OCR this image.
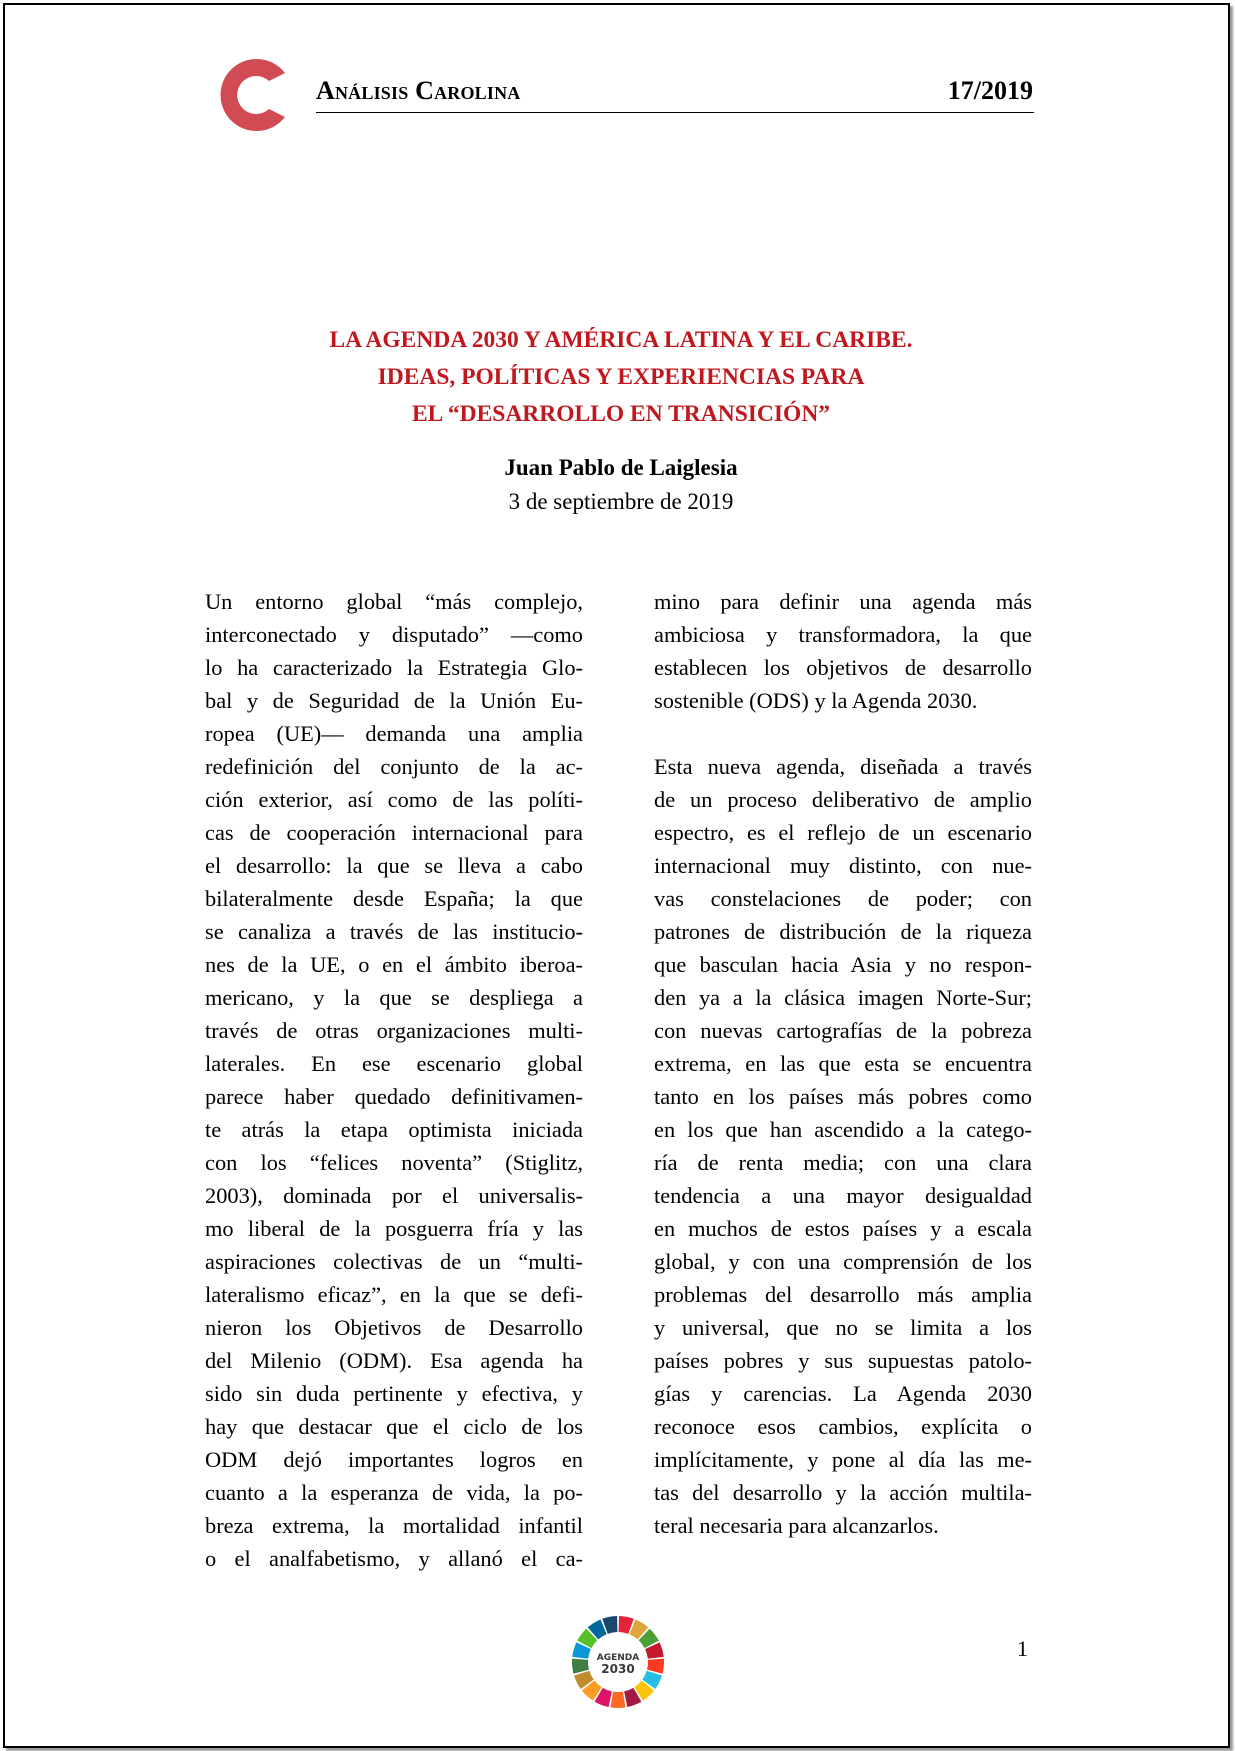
Análisis Carolina	17/2019
LA AGENDA 2030 Y AMÉRICA LATINA Y EL CARIBE.
IDEAS, POLÍTICAS Y EXPERIENCIAS PARA
EL “DESARROLLO EN TRANSICIÓN”
Juan Pablo de Laiglesia
3 de septiembre de 2019
Un entorno global “más complejo,
interconectado y disputado” —como
lo ha caracterizado la Estrategia Glo-
bal y de Seguridad de la Unión Eu-
ropea (UE)— demanda una amplia
redefinición del conjunto de la ac-
ción exterior, así como de las políti-
cas de cooperación internacional para
el desarrollo: la que se lleva a cabo
bilateralmente desde España; la que
se canaliza a través de las institucio-
nes de la UE, o en el ámbito iberoa-
mericano, y la que se despliega a
través de otras organizaciones multi-
laterales. En ese escenario global
parece haber quedado definitivamen-
te atrás la etapa optimista iniciada
con los “felices noventa” (Stiglitz,
2003), dominada por el universalis-
mo liberal de la posguerra fría y las
aspiraciones colectivas de un “multi-
lateralismo eficaz”, en la que se defi-
nieron los Objetivos de Desarrollo
del Milenio (ODM). Esa agenda ha
sido sin duda pertinente y efectiva, y
hay que destacar que el ciclo de los
ODM dejó importantes logros en
cuanto a la esperanza de vida, la po-
breza extrema, la mortalidad infantil
o el analfabetismo, y allanó el ca-
mino para definir una agenda más
ambiciosa y transformadora, la que
establecen los objetivos de desarrollo
sostenible (ODS) y la Agenda 2030.
Esta nueva agenda, diseñada a través
de un proceso deliberativo de amplio
espectro, es el reflejo de un escenario
internacional muy distinto, con nue-
vas constelaciones de poder; con
patrones de distribución de la riqueza
que basculan hacia Asia y no respon-
den ya a la clásica imagen Norte-Sur;
con nuevas cartografías de la pobreza
extrema, en las que esta se encuentra
tanto en los países más pobres como
en los que han ascendido a la catego-
ría de renta media; con una clara
tendencia a una mayor desigualdad
en muchos de estos países y a escala
global, y con una comprensión de los
problemas del desarrollo más amplia
y universal, que no se limita a los
países pobres y sus supuestas patolo-
gías y carencias. La Agenda 2030
reconoce esos cambios, explícita o
implícitamente, y pone al día las me-
tas del desarrollo y la acción multila-
teral necesaria para alcanzarlos.
AGENDA
2030
1
